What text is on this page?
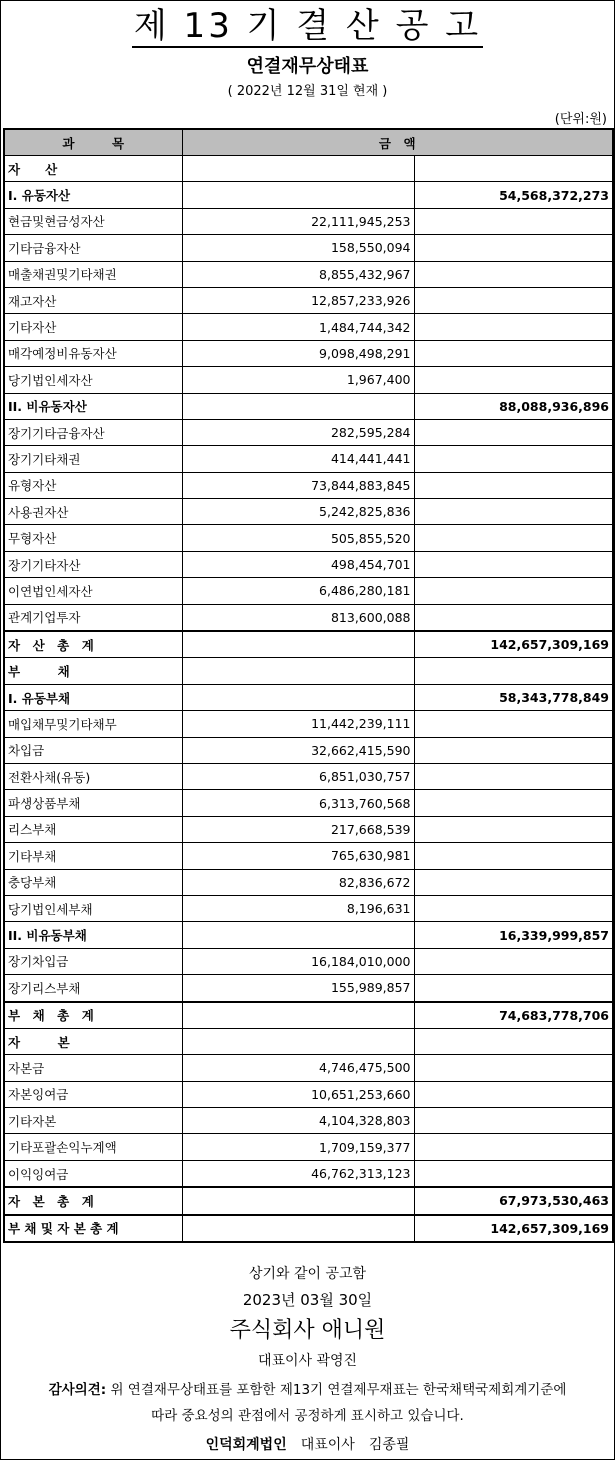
제 13 기 결 산 공 고
연결재무상태표
( 2022년 12월 31일 현재 )
(단위:원)
과　　　목	금　액	
자　　산		
I. 유동자산		54,568,372,273
현금및현금성자산	22,111,945,253	
기타금융자산	158,550,094	
매출채권및기타채권	8,855,432,967	
재고자산	12,857,233,926	
기타자산	1,484,744,342	
매각예정비유동자산	9,098,498,291	
당기법인세자산	1,967,400	
II. 비유동자산		88,088,936,896
장기기타금융자산	282,595,284	
장기기타채권	414,441,441	
유형자산	73,844,883,845	
사용권자산	5,242,825,836	
무형자산	505,855,520	
장기기타자산	498,454,701	
이연법인세자산	6,486,280,181	
관계기업투자	813,600,088	
자　산　총　계		142,657,309,169
부　　　채		
I. 유동부채		58,343,778,849
매입채무및기타채무	11,442,239,111	
차입금	32,662,415,590	
전환사채(유동)	6,851,030,757	
파생상품부채	6,313,760,568	
리스부채	217,668,539	
기타부채	765,630,981	
충당부채	82,836,672	
당기법인세부채	8,196,631	
II. 비유동부채		16,339,999,857
장기차입금	16,184,010,000	
장기리스부채	155,989,857	
부　채　총　계		74,683,778,706
자　　　본		
자본금	4,746,475,500	
자본잉여금	10,651,253,660	
기타자본	4,104,328,803	
기타포괄손익누계액	1,709,159,377	
이익잉여금	46,762,313,123	
자　본　총　계		67,973,530,463
부 채 및 자 본 총 계		142,657,309,169
상기와 같이 공고함
2023년 03월 30일
주식회사 애니원
대표이사 곽영진
감사의견: 위 연결재무상태표를 포함한 제13기 연결제무재표는 한국채택국제회계기준에
따라 중요성의 관점에서 공정하게 표시하고 있습니다.
인덕회계법인　 대표이사　김종필
